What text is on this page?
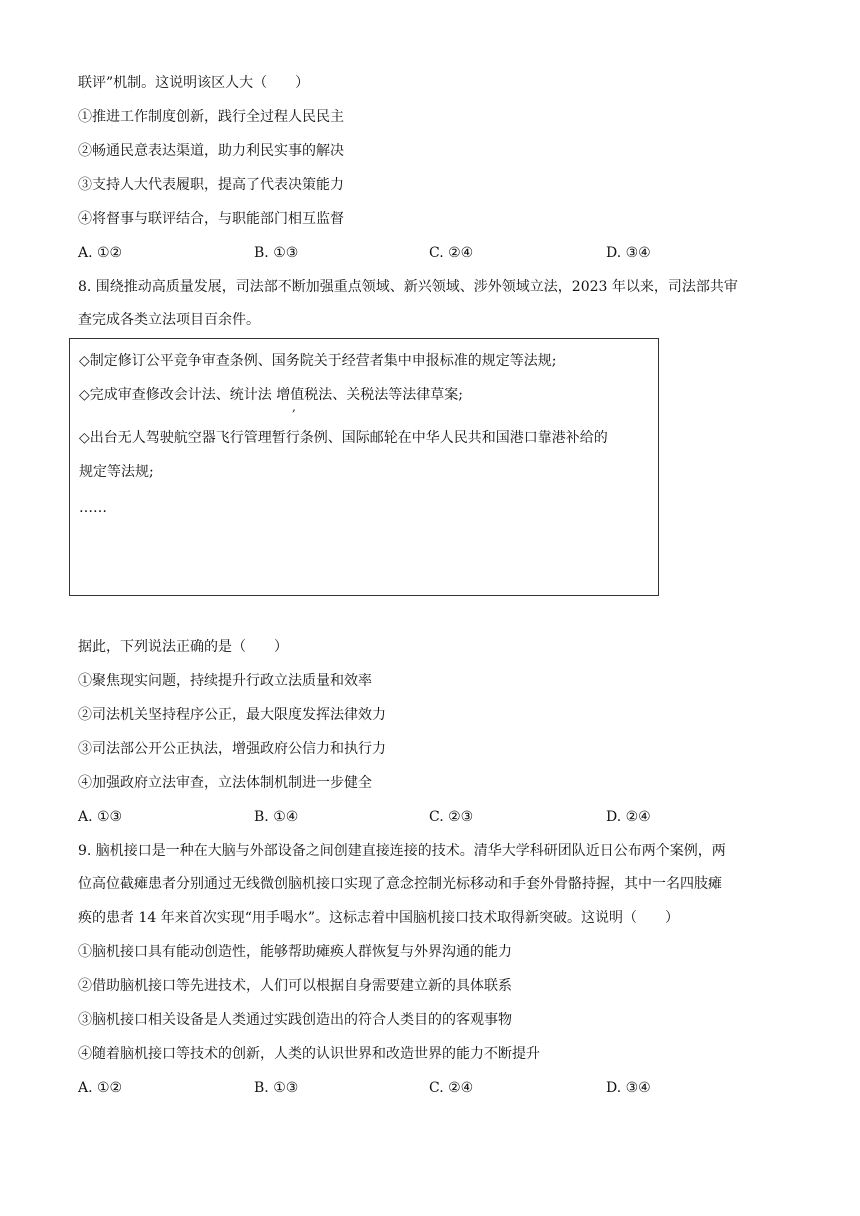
联评”机制。这说明该区人大（　　）
①推进工作制度创新，践行全过程人民民主
②畅通民意表达渠道，助力利民实事的解决
③支持人大代表履职，提高了代表决策能力
④将督事与联评结合，与职能部门相互监督
A. ①②	B. ①③	C. ②④	D. ③④
8. 围绕推动高质量发展，司法部不断加强重点领域、新兴领域、涉外领域立法，2023 年以来，司法部共审
查完成各类立法项目百余件。
◇制定修订公平竞争审查条例、国务院关于经营者集中申报标准的规定等法规;
◇完成审查修改会计法、统计法 增值税法、关税法等法律草案;
,
◇出台无人驾驶航空器飞行管理暂行条例、国际邮轮在中华人民共和国港口靠港补给的
规定等法规;
……
据此，下列说法正确的是（　　）
①聚焦现实问题，持续提升行政立法质量和效率
②司法机关坚持程序公正，最大限度发挥法律效力
③司法部公开公正执法，增强政府公信力和执行力
④加强政府立法审查，立法体制机制进一步健全
A. ①③	B. ①④	C. ②③	D. ②④
9. 脑机接口是一种在大脑与外部设备之间创建直接连接的技术。清华大学科研团队近日公布两个案例，两
位高位截瘫患者分别通过无线微创脑机接口实现了意念控制光标移动和手套外骨骼持握，其中一名四肢瘫
痪的患者 14 年来首次实现“用手喝水”。这标志着中国脑机接口技术取得新突破。这说明（　　）
①脑机接口具有能动创造性，能够帮助瘫痪人群恢复与外界沟通的能力
②借助脑机接口等先进技术，人们可以根据自身需要建立新的具体联系
③脑机接口相关设备是人类通过实践创造出的符合人类目的的客观事物
④随着脑机接口等技术的创新，人类的认识世界和改造世界的能力不断提升
A. ①②	B. ①③	C. ②④	D. ③④
